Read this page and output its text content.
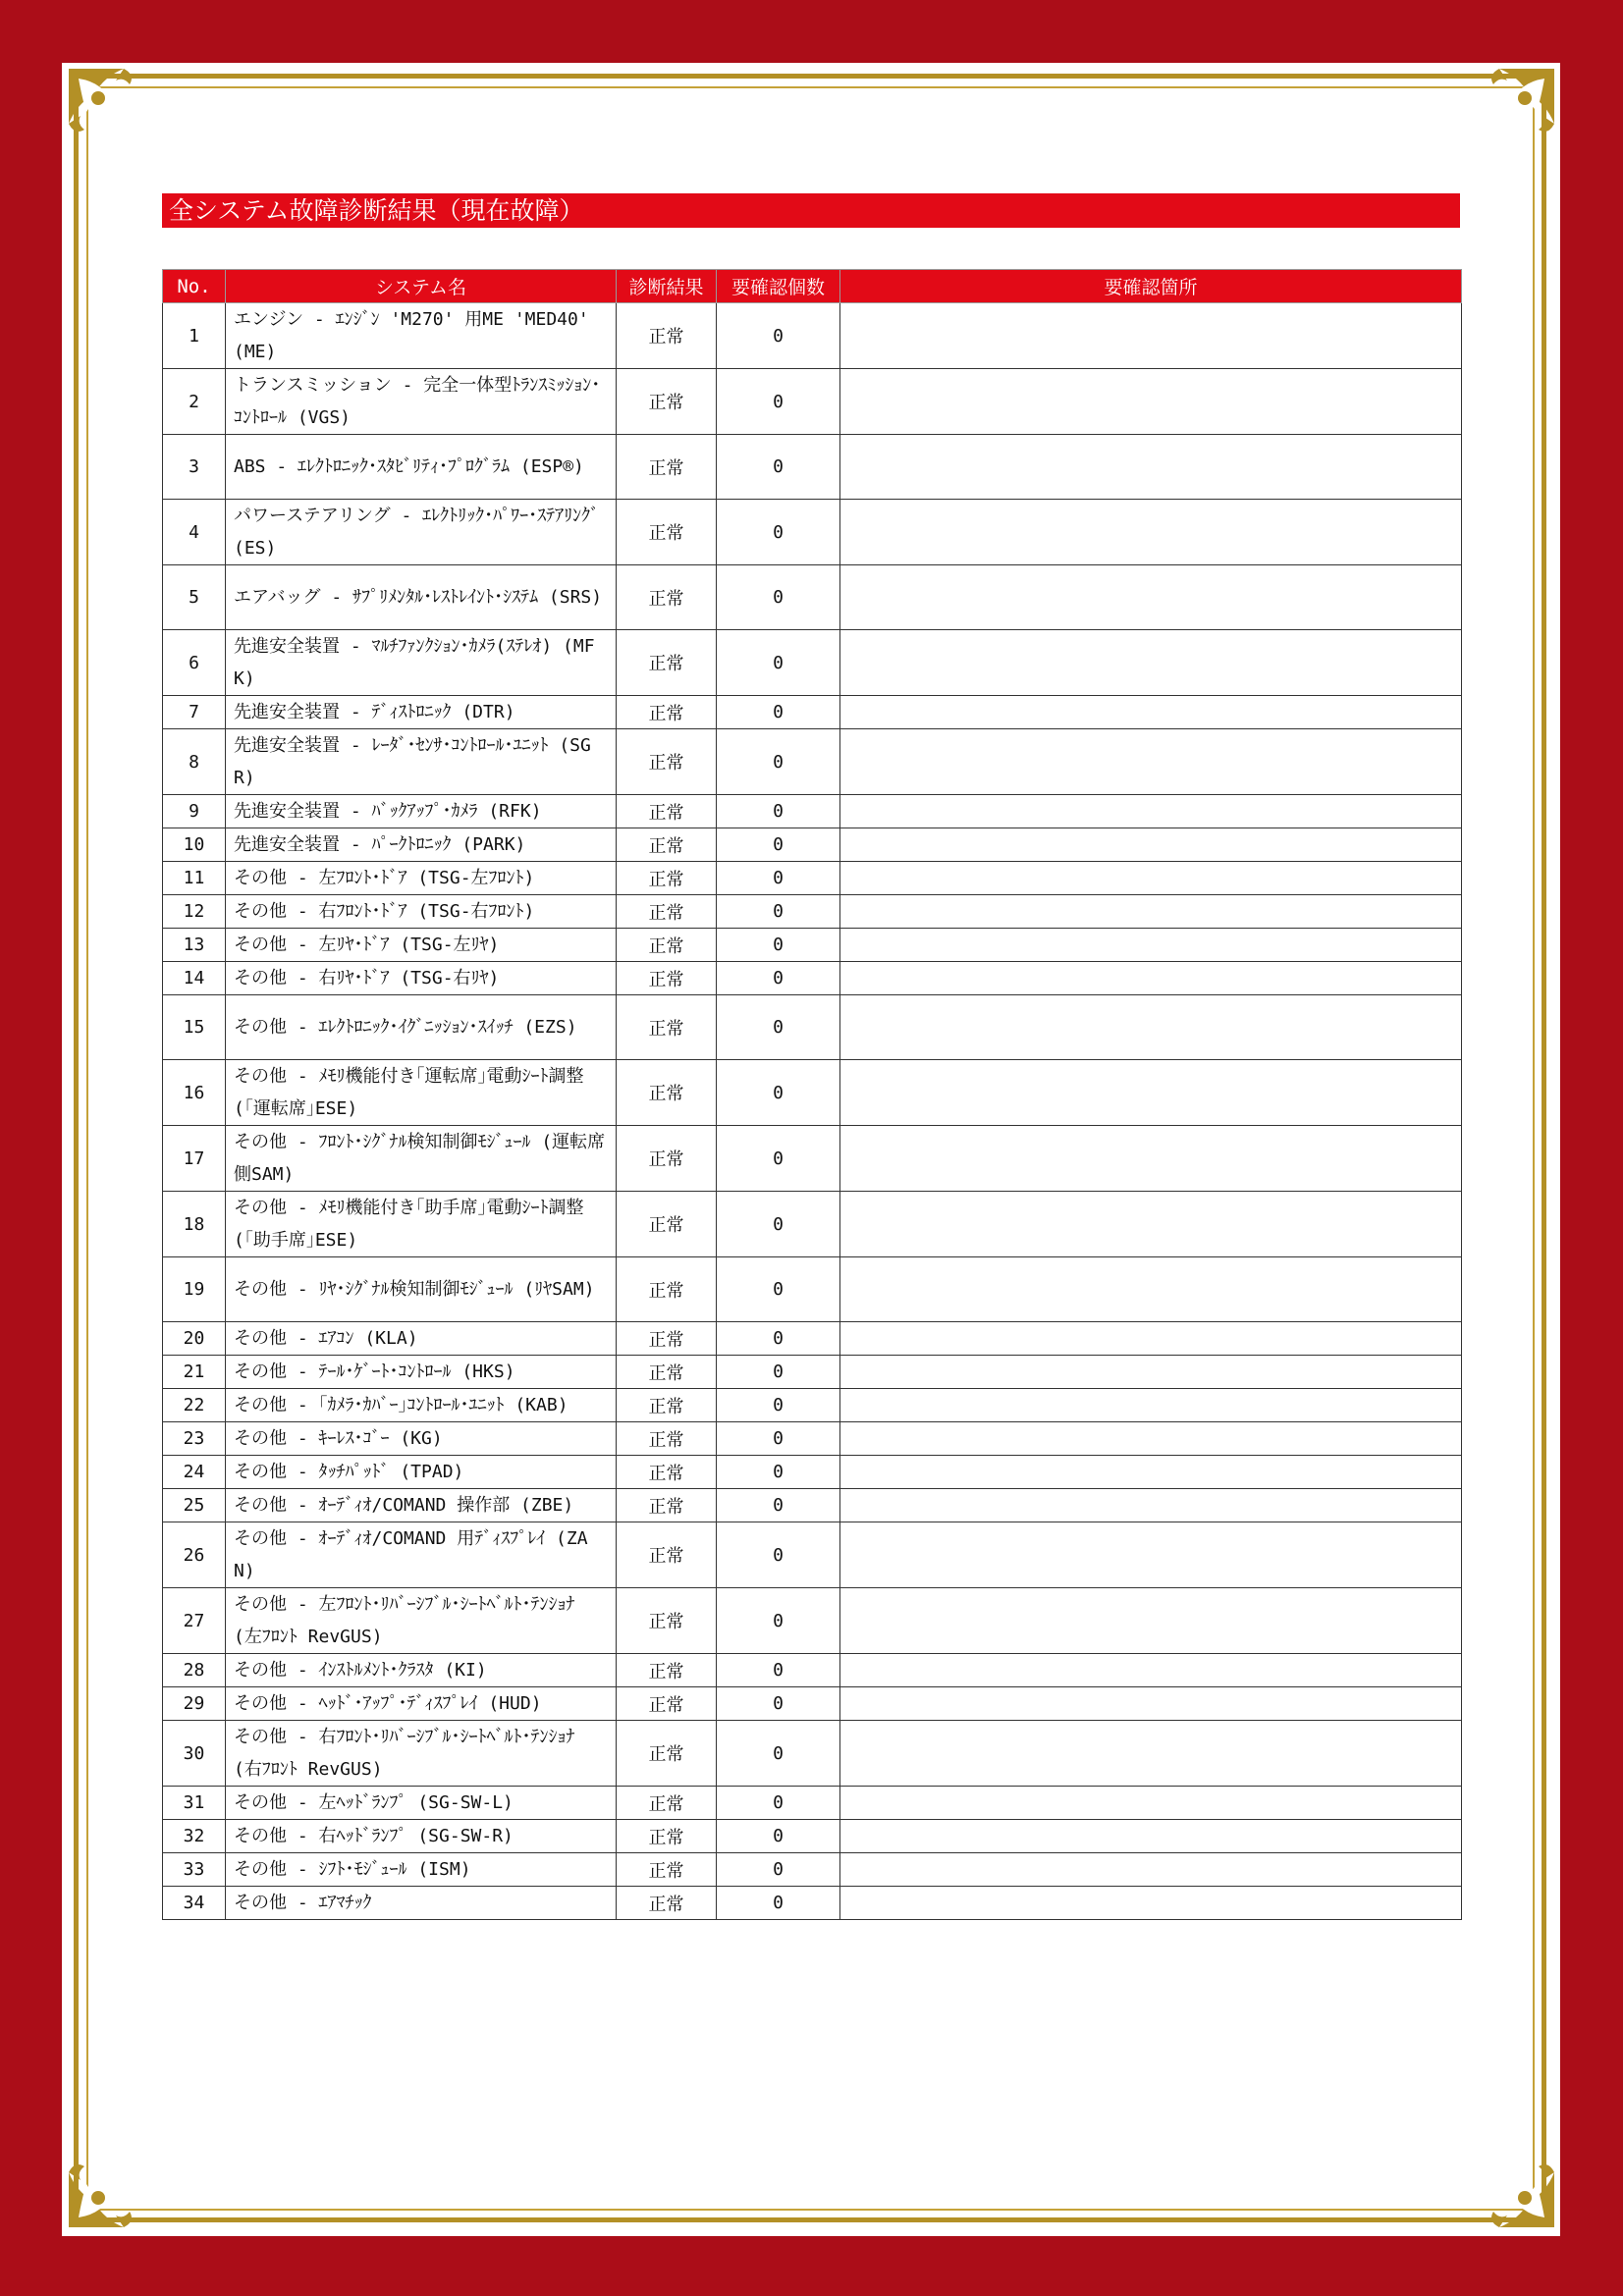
全システム故障診断結果（現在故障）
No.	システム名	診断結果	要確認個数	要確認箇所
1	エンジン - ｴﾝｼﾞﾝ 'M270' 用ME 'MED40' (ME)	正常	0	
2	トランスミッション - 完全一体型ﾄﾗﾝｽﾐｯｼｮﾝ･ｺﾝﾄﾛｰﾙ (VGS)	正常	0	
3	ABS - ｴﾚｸﾄﾛﾆｯｸ･ｽﾀﾋﾞﾘﾃｨ･ﾌﾟﾛｸﾞﾗﾑ (ESP®)	正常	0	
4	パワーステアリング - ｴﾚｸﾄﾘｯｸ･ﾊﾟﾜｰ･ｽﾃｱﾘﾝｸﾞ (ES)	正常	0	
5	エアバッグ - ｻﾌﾟﾘﾒﾝﾀﾙ･ﾚｽﾄﾚｲﾝﾄ･ｼｽﾃﾑ (SRS)	正常	0	
6	先進安全装置 - ﾏﾙﾁﾌｧﾝｸｼｮﾝ･ｶﾒﾗ(ｽﾃﾚｵ) (MFK)	正常	0	
7	先進安全装置 - ﾃﾞｨｽﾄﾛﾆｯｸ (DTR)	正常	0	
8	先進安全装置 - ﾚｰﾀﾞ･ｾﾝｻ･ｺﾝﾄﾛｰﾙ･ﾕﾆｯﾄ (SGR)	正常	0	
9	先進安全装置 - ﾊﾞｯｸｱｯﾌﾟ･ｶﾒﾗ (RFK)	正常	0	
10	先進安全装置 - ﾊﾟｰｸﾄﾛﾆｯｸ (PARK)	正常	0	
11	その他 - 左ﾌﾛﾝﾄ･ﾄﾞｱ (TSG-左ﾌﾛﾝﾄ)	正常	0	
12	その他 - 右ﾌﾛﾝﾄ･ﾄﾞｱ (TSG-右ﾌﾛﾝﾄ)	正常	0	
13	その他 - 左ﾘﾔ･ﾄﾞｱ (TSG-左ﾘﾔ)	正常	0	
14	その他 - 右ﾘﾔ･ﾄﾞｱ (TSG-右ﾘﾔ)	正常	0	
15	その他 - ｴﾚｸﾄﾛﾆｯｸ･ｲｸﾞﾆｯｼｮﾝ･ｽｲｯﾁ (EZS)	正常	0	
16	その他 - ﾒﾓﾘ機能付き｢運転席｣電動ｼｰﾄ調整 (｢運転席｣ESE)	正常	0	
17	その他 - ﾌﾛﾝﾄ･ｼｸﾞﾅﾙ検知制御ﾓｼﾞｭｰﾙ (運転席側SAM)	正常	0	
18	その他 - ﾒﾓﾘ機能付き｢助手席｣電動ｼｰﾄ調整 (｢助手席｣ESE)	正常	0	
19	その他 - ﾘﾔ･ｼｸﾞﾅﾙ検知制御ﾓｼﾞｭｰﾙ (ﾘﾔSAM)	正常	0	
20	その他 - ｴｱｺﾝ (KLA)	正常	0	
21	その他 - ﾃｰﾙ･ｹﾞｰﾄ･ｺﾝﾄﾛｰﾙ (HKS)	正常	0	
22	その他 - ｢ｶﾒﾗ･ｶﾊﾞｰ｣ｺﾝﾄﾛｰﾙ･ﾕﾆｯﾄ (KAB)	正常	0	
23	その他 - ｷｰﾚｽ･ｺﾞｰ (KG)	正常	0	
24	その他 - ﾀｯﾁﾊﾟｯﾄﾞ (TPAD)	正常	0	
25	その他 - ｵｰﾃﾞｨｵ/COMAND 操作部 (ZBE)	正常	0	
26	その他 - ｵｰﾃﾞｨｵ/COMAND 用ﾃﾞｨｽﾌﾟﾚｲ (ZAN)	正常	0	
27	その他 - 左ﾌﾛﾝﾄ･ﾘﾊﾞｰｼﾌﾞﾙ･ｼｰﾄﾍﾞﾙﾄ･ﾃﾝｼｮﾅ (左ﾌﾛﾝﾄ RevGUS)	正常	0	
28	その他 - ｲﾝｽﾄﾙﾒﾝﾄ･ｸﾗｽﾀ (KI)	正常	0	
29	その他 - ﾍｯﾄﾞ･ｱｯﾌﾟ･ﾃﾞｨｽﾌﾟﾚｲ (HUD)	正常	0	
30	その他 - 右ﾌﾛﾝﾄ･ﾘﾊﾞｰｼﾌﾞﾙ･ｼｰﾄﾍﾞﾙﾄ･ﾃﾝｼｮﾅ (右ﾌﾛﾝﾄ RevGUS)	正常	0	
31	その他 - 左ﾍｯﾄﾞﾗﾝﾌﾟ (SG-SW-L)	正常	0	
32	その他 - 右ﾍｯﾄﾞﾗﾝﾌﾟ (SG-SW-R)	正常	0	
33	その他 - ｼﾌﾄ･ﾓｼﾞｭｰﾙ (ISM)	正常	0	
34	その他 - ｴｱﾏﾁｯｸ	正常	0	
